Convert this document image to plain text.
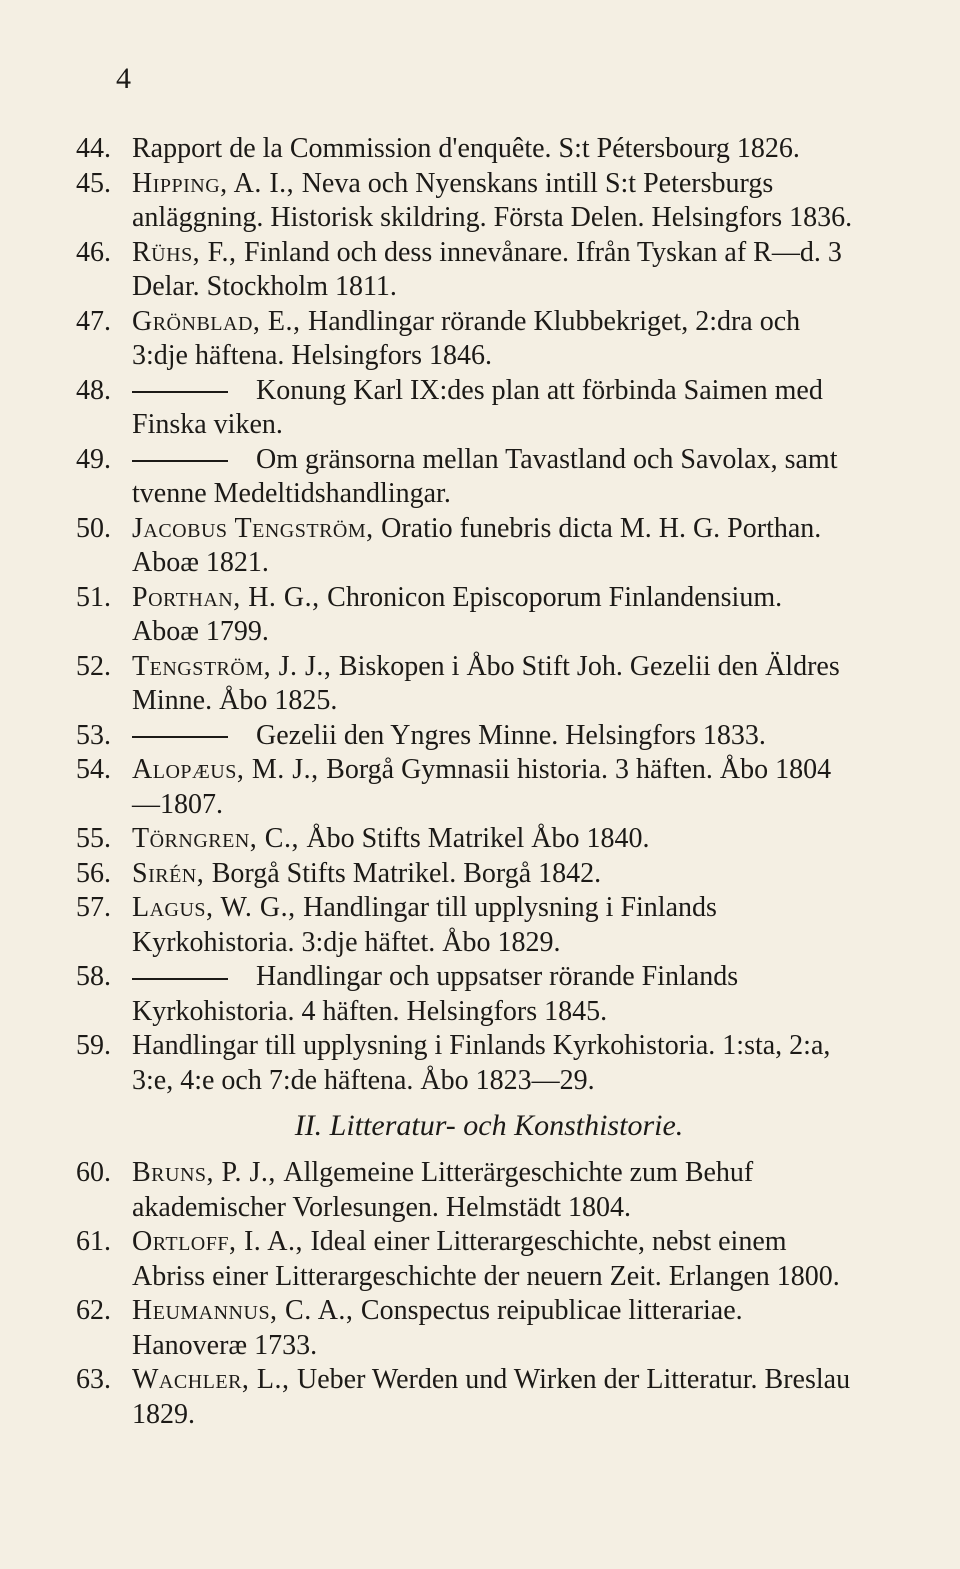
4
44. Rapport de la Commission d'enquête. S:t Pétersbourg 1826.
45. Hipping, A. I., Neva och Nyenskans intill S:t Petersburgs anläggning. Historisk skildring. Första Delen. Helsingfors 1836.
46. Rühs, F., Finland och dess innevånare. Ifrån Tyskan af R—d. 3 Delar. Stockholm 1811.
47. Grönblad, E., Handlingar rörande Klubbekriget, 2:dra och 3:dje häftena. Helsingfors 1846.
48.	Konung Karl IX:des plan att förbinda Saimen med Finska viken.
49.	Om gränsorna mellan Tavastland och Savolax, samt tvenne Medeltidshandlingar.
50. Jacobus Tengström, Oratio funebris dicta M. H. G. Porthan. Aboæ 1821.
51. Porthan, H. G., Chronicon Episcoporum Finlandensium. Aboæ 1799.
52. Tengström, J. J., Biskopen i Åbo Stift Joh. Gezelii den Äldres Minne. Åbo 1825.
53.	Gezelii den Yngres Minne. Helsingfors 1833.
54. Alopæus, M. J., Borgå Gymnasii historia. 3 häften. Åbo 1804—1807.
55. Törngren, C., Åbo Stifts Matrikel Åbo 1840.
56. Sirén, Borgå Stifts Matrikel. Borgå 1842.
57. Lagus, W. G., Handlingar till upplysning i Finlands Kyrkohistoria. 3:dje häftet. Åbo 1829.
58.	Handlingar och uppsatser rörande Finlands Kyrkohistoria. 4 häften. Helsingfors 1845.
59. Handlingar till upplysning i Finlands Kyrkohistoria. 1:sta, 2:a, 3:e, 4:e och 7:de häftena. Åbo 1823—29.
II. Litteratur- och Konsthistorie.
60. Bruns, P. J., Allgemeine Litterärgeschichte zum Behuf akademischer Vorlesungen. Helmstädt 1804.
61. Ortloff, I. A., Ideal einer Litterargeschichte, nebst einem Abriss einer Litterargeschichte der neuern Zeit. Erlangen 1800.
62. Heumannus, C. A., Conspectus reipublicae litterariae. Hanoveræ 1733.
63. Wachler, L., Ueber Werden und Wirken der Litteratur. Breslau 1829.
